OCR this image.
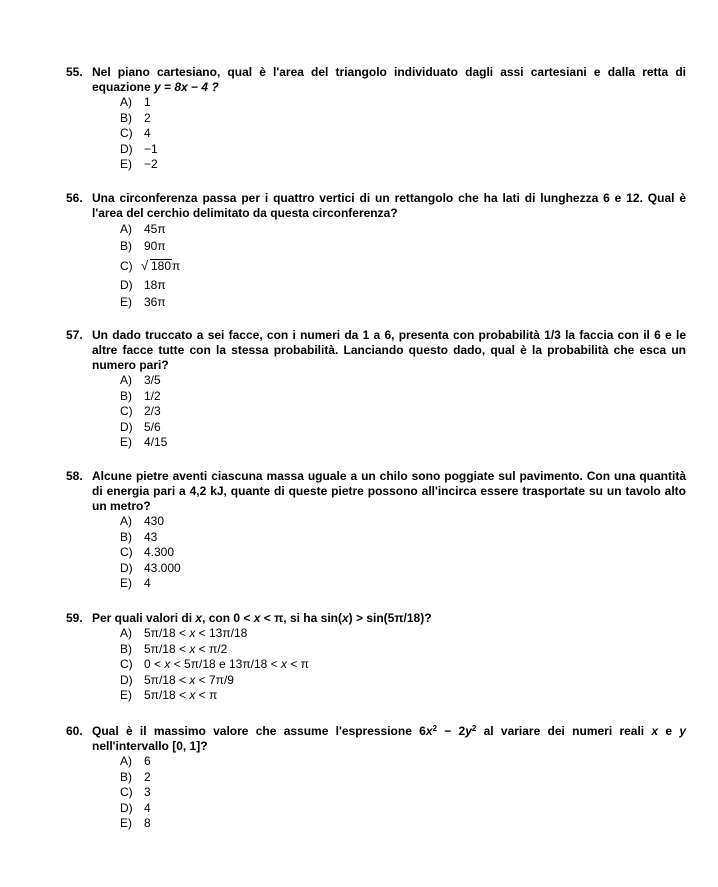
55. Nel piano cartesiano, qual è l'area del triangolo individuato dagli assi cartesiani e dalla retta di equazione y = 8x − 4 ?
A) 1
B) 2
C) 4
D) −1
E) −2
56. Una circonferenza passa per i quattro vertici di un rettangolo che ha lati di lunghezza 6 e 12. Qual è l'area del cerchio delimitato da questa circonferenza?
A) 45π
B) 90π
C)√ 180π
D) 18π
E) 36π
57. Un dado truccato a sei facce, con i numeri da 1 a 6, presenta con probabilità 1/3 la faccia con il 6 e le altre facce tutte con la stessa probabilità. Lanciando questo dado, qual è la probabilità che esca un numero pari?
A) 3/5
B) 1/2
C) 2/3
D) 5/6
E) 4/15
58. Alcune pietre aventi ciascuna massa uguale a un chilo sono poggiate sul pavimento. Con una quantità di energia pari a 4,2 kJ, quante di queste pietre possono all'incirca essere trasportate su un tavolo alto un metro?
A) 430
B) 43
C) 4.300
D) 43.000
E) 4
59. Per quali valori di x, con 0 < x < π, si ha sin(x) > sin(5π/18)?
A) 5π/18 < x < 13π/18
B) 5π/18 < x < π/2
C) 0 < x < 5π/18 e 13π/18 < x < π
D) 5π/18 < x < 7π/9
E) 5π/18 < x < π
60. Qual è il massimo valore che assume l'espressione $6x^2 - 2y^2$ al variare dei numeri reali x e y nell'intervallo [0, 1]?
A) 6
B) 2
C) 3
D) 4
E) 8
